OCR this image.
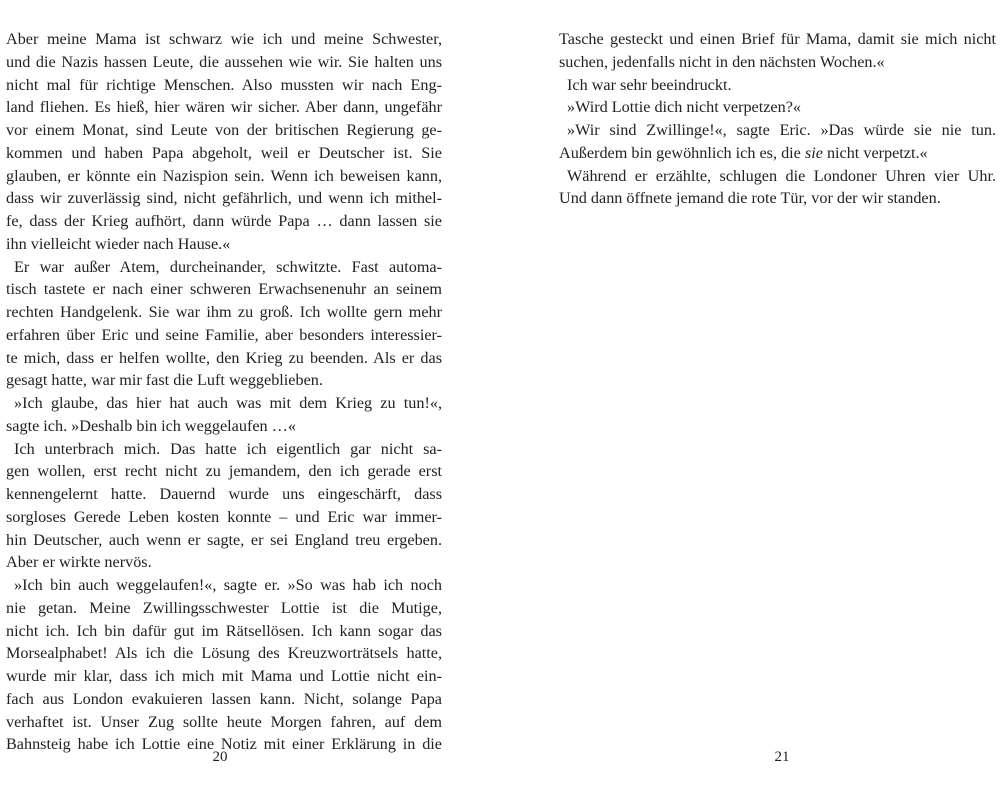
Aber meine Mama ist schwarz wie ich und meine Schwester,
und die Nazis hassen Leute, die aussehen wie wir. Sie halten uns
nicht mal für richtige Menschen. Also mussten wir nach Eng-
land fliehen. Es hieß, hier wären wir sicher. Aber dann, ungefähr
vor einem Monat, sind Leute von der britischen Regierung ge-
kommen und haben Papa abgeholt, weil er Deutscher ist. Sie
glauben, er könnte ein Nazispion sein. Wenn ich beweisen kann,
dass wir zuverlässig sind, nicht gefährlich, und wenn ich mithel-
fe, dass der Krieg aufhört, dann würde Papa … dann lassen sie
ihn vielleicht wieder nach Hause.«
Er war außer Atem, durcheinander, schwitzte. Fast automa-
tisch tastete er nach einer schweren Erwachsenenuhr an seinem
rechten Handgelenk. Sie war ihm zu groß. Ich wollte gern mehr
erfahren über Eric und seine Familie, aber besonders interessier-
te mich, dass er helfen wollte, den Krieg zu beenden. Als er das
gesagt hatte, war mir fast die Luft weggeblieben.
»Ich glaube, das hier hat auch was mit dem Krieg zu tun!«,
sagte ich. »Deshalb bin ich weggelaufen …«
Ich unterbrach mich. Das hatte ich eigentlich gar nicht sa-
gen wollen, erst recht nicht zu jemandem, den ich gerade erst
kennengelernt hatte. Dauernd wurde uns eingeschärft, dass
sorgloses Gerede Leben kosten konnte – und Eric war immer-
hin Deutscher, auch wenn er sagte, er sei England treu ergeben.
Aber er wirkte nervös.
»Ich bin auch weggelaufen!«, sagte er. »So was hab ich noch
nie getan. Meine Zwillingsschwester Lottie ist die Mutige,
nicht ich. Ich bin dafür gut im Rätsellösen. Ich kann sogar das
Morsealphabet! Als ich die Lösung des Kreuzworträtsels hatte,
wurde mir klar, dass ich mich mit Mama und Lottie nicht ein-
fach aus London evakuieren lassen kann. Nicht, solange Papa
verhaftet ist. Unser Zug sollte heute Morgen fahren, auf dem
Bahnsteig habe ich Lottie eine Notiz mit einer Erklärung in die
Tasche gesteckt und einen Brief für Mama, damit sie mich nicht
suchen, jedenfalls nicht in den nächsten Wochen.«
Ich war sehr beeindruckt.
»Wird Lottie dich nicht verpetzen?«
»Wir sind Zwillinge!«, sagte Eric. »Das würde sie nie tun.
Außerdem bin gewöhnlich ich es, die sie nicht verpetzt.«
Während er erzählte, schlugen die Londoner Uhren vier Uhr.
Und dann öffnete jemand die rote Tür, vor der wir standen.
20	21
